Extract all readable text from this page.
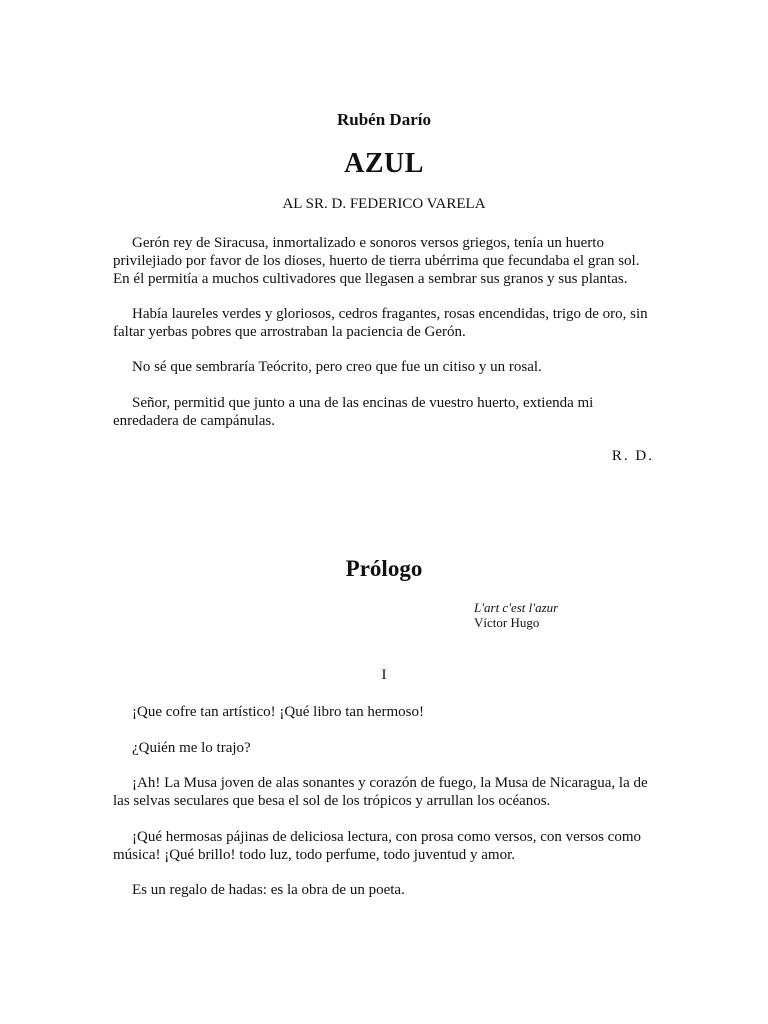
Rubén Darío
AZUL
AL SR. D. FEDERICO VARELA

Gerón rey de Siracusa, inmortalizado e sonoros versos griegos, tenía un huerto privilejiado por favor de los dioses, huerto de tierra ubérrima que fecundaba el gran sol. En él permitía a muchos cultivadores que llegasen a sembrar sus granos y sus plantas.

Había laureles verdes y gloriosos, cedros fragantes, rosas encendidas, trigo de oro, sin faltar yerbas pobres que arrostraban la paciencia de Gerón.

No sé que sembraría Teócrito, pero creo que fue un citiso y un rosal.

Señor, permitid que junto a una de las encinas de vuestro huerto, extienda mi enredadera de campánulas.

R. D.
Prólogo
L'art c'est l'azur
Víctor Hugo
I

¡Que cofre tan artístico! ¡Qué libro tan hermoso!

¿Quién me lo trajo?

¡Ah! La Musa joven de alas sonantes y corazón de fuego, la Musa de Nicaragua, la de las selvas seculares que besa el sol de los trópicos y arrullan los océanos.

¡Qué hermosas pájinas de deliciosa lectura, con prosa como versos, con versos como música! ¡Qué brillo! todo luz, todo perfume, todo juventud y amor.

Es un regalo de hadas: es la obra de un poeta.
